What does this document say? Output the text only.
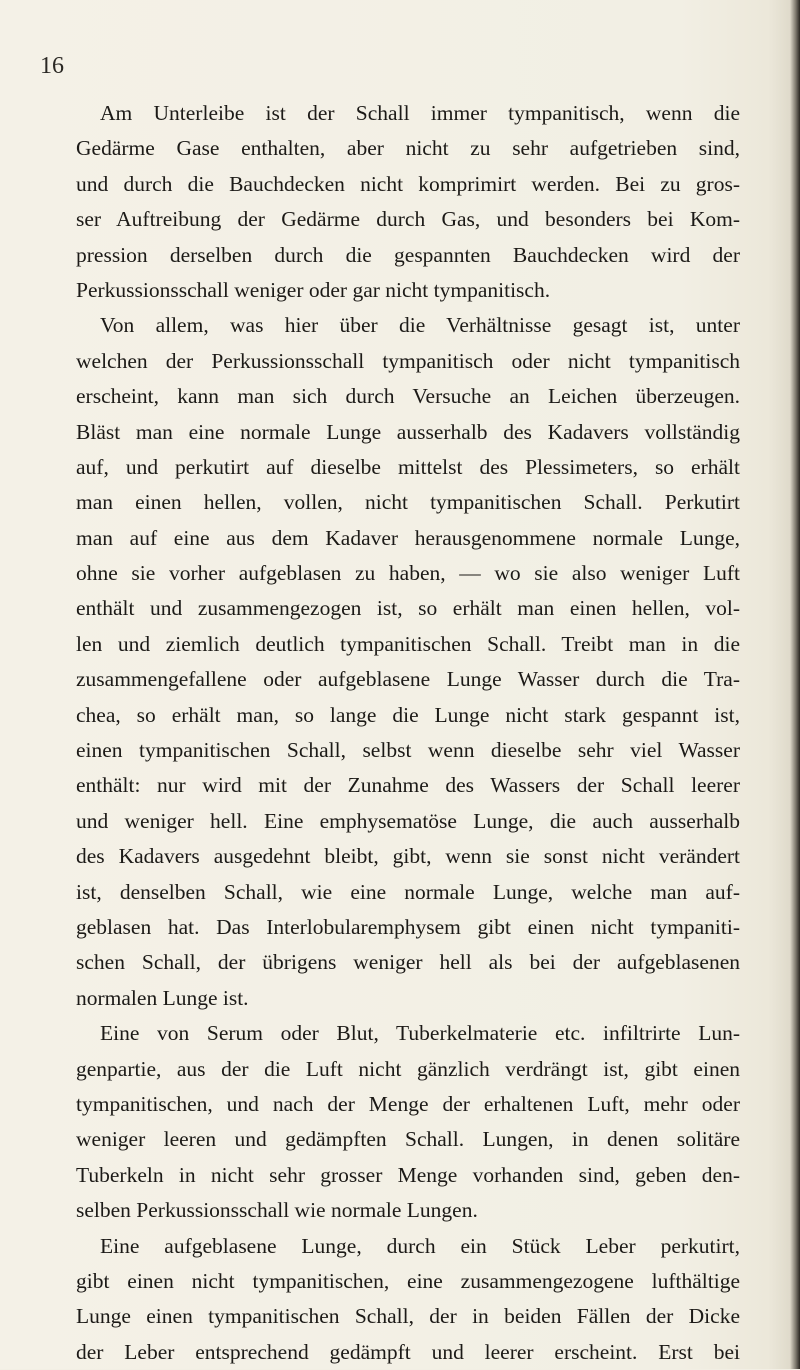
16
Am Unterleibe ist der Schall immer tympanitisch, wenn die
Gedärme Gase enthalten, aber nicht zu sehr aufgetrieben sind,
und durch die Bauchdecken nicht komprimirt werden. Bei zu gros-
ser Auftreibung der Gedärme durch Gas, und besonders bei Kom-
pression derselben durch die gespannten Bauchdecken wird der
Perkussionsschall weniger oder gar nicht tympanitisch.
Von allem, was hier über die Verhältnisse gesagt ist, unter
welchen der Perkussionsschall tympanitisch oder nicht tympanitisch
erscheint, kann man sich durch Versuche an Leichen überzeugen.
Bläst man eine normale Lunge ausserhalb des Kadavers vollständig
auf, und perkutirt auf dieselbe mittelst des Plessimeters, so erhält
man einen hellen, vollen, nicht tympanitischen Schall. Perkutirt
man auf eine aus dem Kadaver herausgenommene normale Lunge,
ohne sie vorher aufgeblasen zu haben, — wo sie also weniger Luft
enthält und zusammengezogen ist, so erhält man einen hellen, vol-
len und ziemlich deutlich tympanitischen Schall. Treibt man in die
zusammengefallene oder aufgeblasene Lunge Wasser durch die Tra-
chea, so erhält man, so lange die Lunge nicht stark gespannt ist,
einen tympanitischen Schall, selbst wenn dieselbe sehr viel Wasser
enthält: nur wird mit der Zunahme des Wassers der Schall leerer
und weniger hell. Eine emphysematöse Lunge, die auch ausserhalb
des Kadavers ausgedehnt bleibt, gibt, wenn sie sonst nicht verändert
ist, denselben Schall, wie eine normale Lunge, welche man auf-
geblasen hat. Das Interlobularemphysem gibt einen nicht tympaniti-
schen Schall, der übrigens weniger hell als bei der aufgeblasenen
normalen Lunge ist.
Eine von Serum oder Blut, Tuberkelmaterie etc. infiltrirte Lun-
genpartie, aus der die Luft nicht gänzlich verdrängt ist, gibt einen
tympanitischen, und nach der Menge der erhaltenen Luft, mehr oder
weniger leeren und gedämpften Schall. Lungen, in denen solitäre
Tuberkeln in nicht sehr grosser Menge vorhanden sind, geben den-
selben Perkussionsschall wie normale Lungen.
Eine aufgeblasene Lunge, durch ein Stück Leber perkutirt,
gibt einen nicht tympanitischen, eine zusammengezogene lufthältige
Lunge einen tympanitischen Schall, der in beiden Fällen der Dicke
der Leber entsprechend gedämpft und leerer erscheint. Erst bei
